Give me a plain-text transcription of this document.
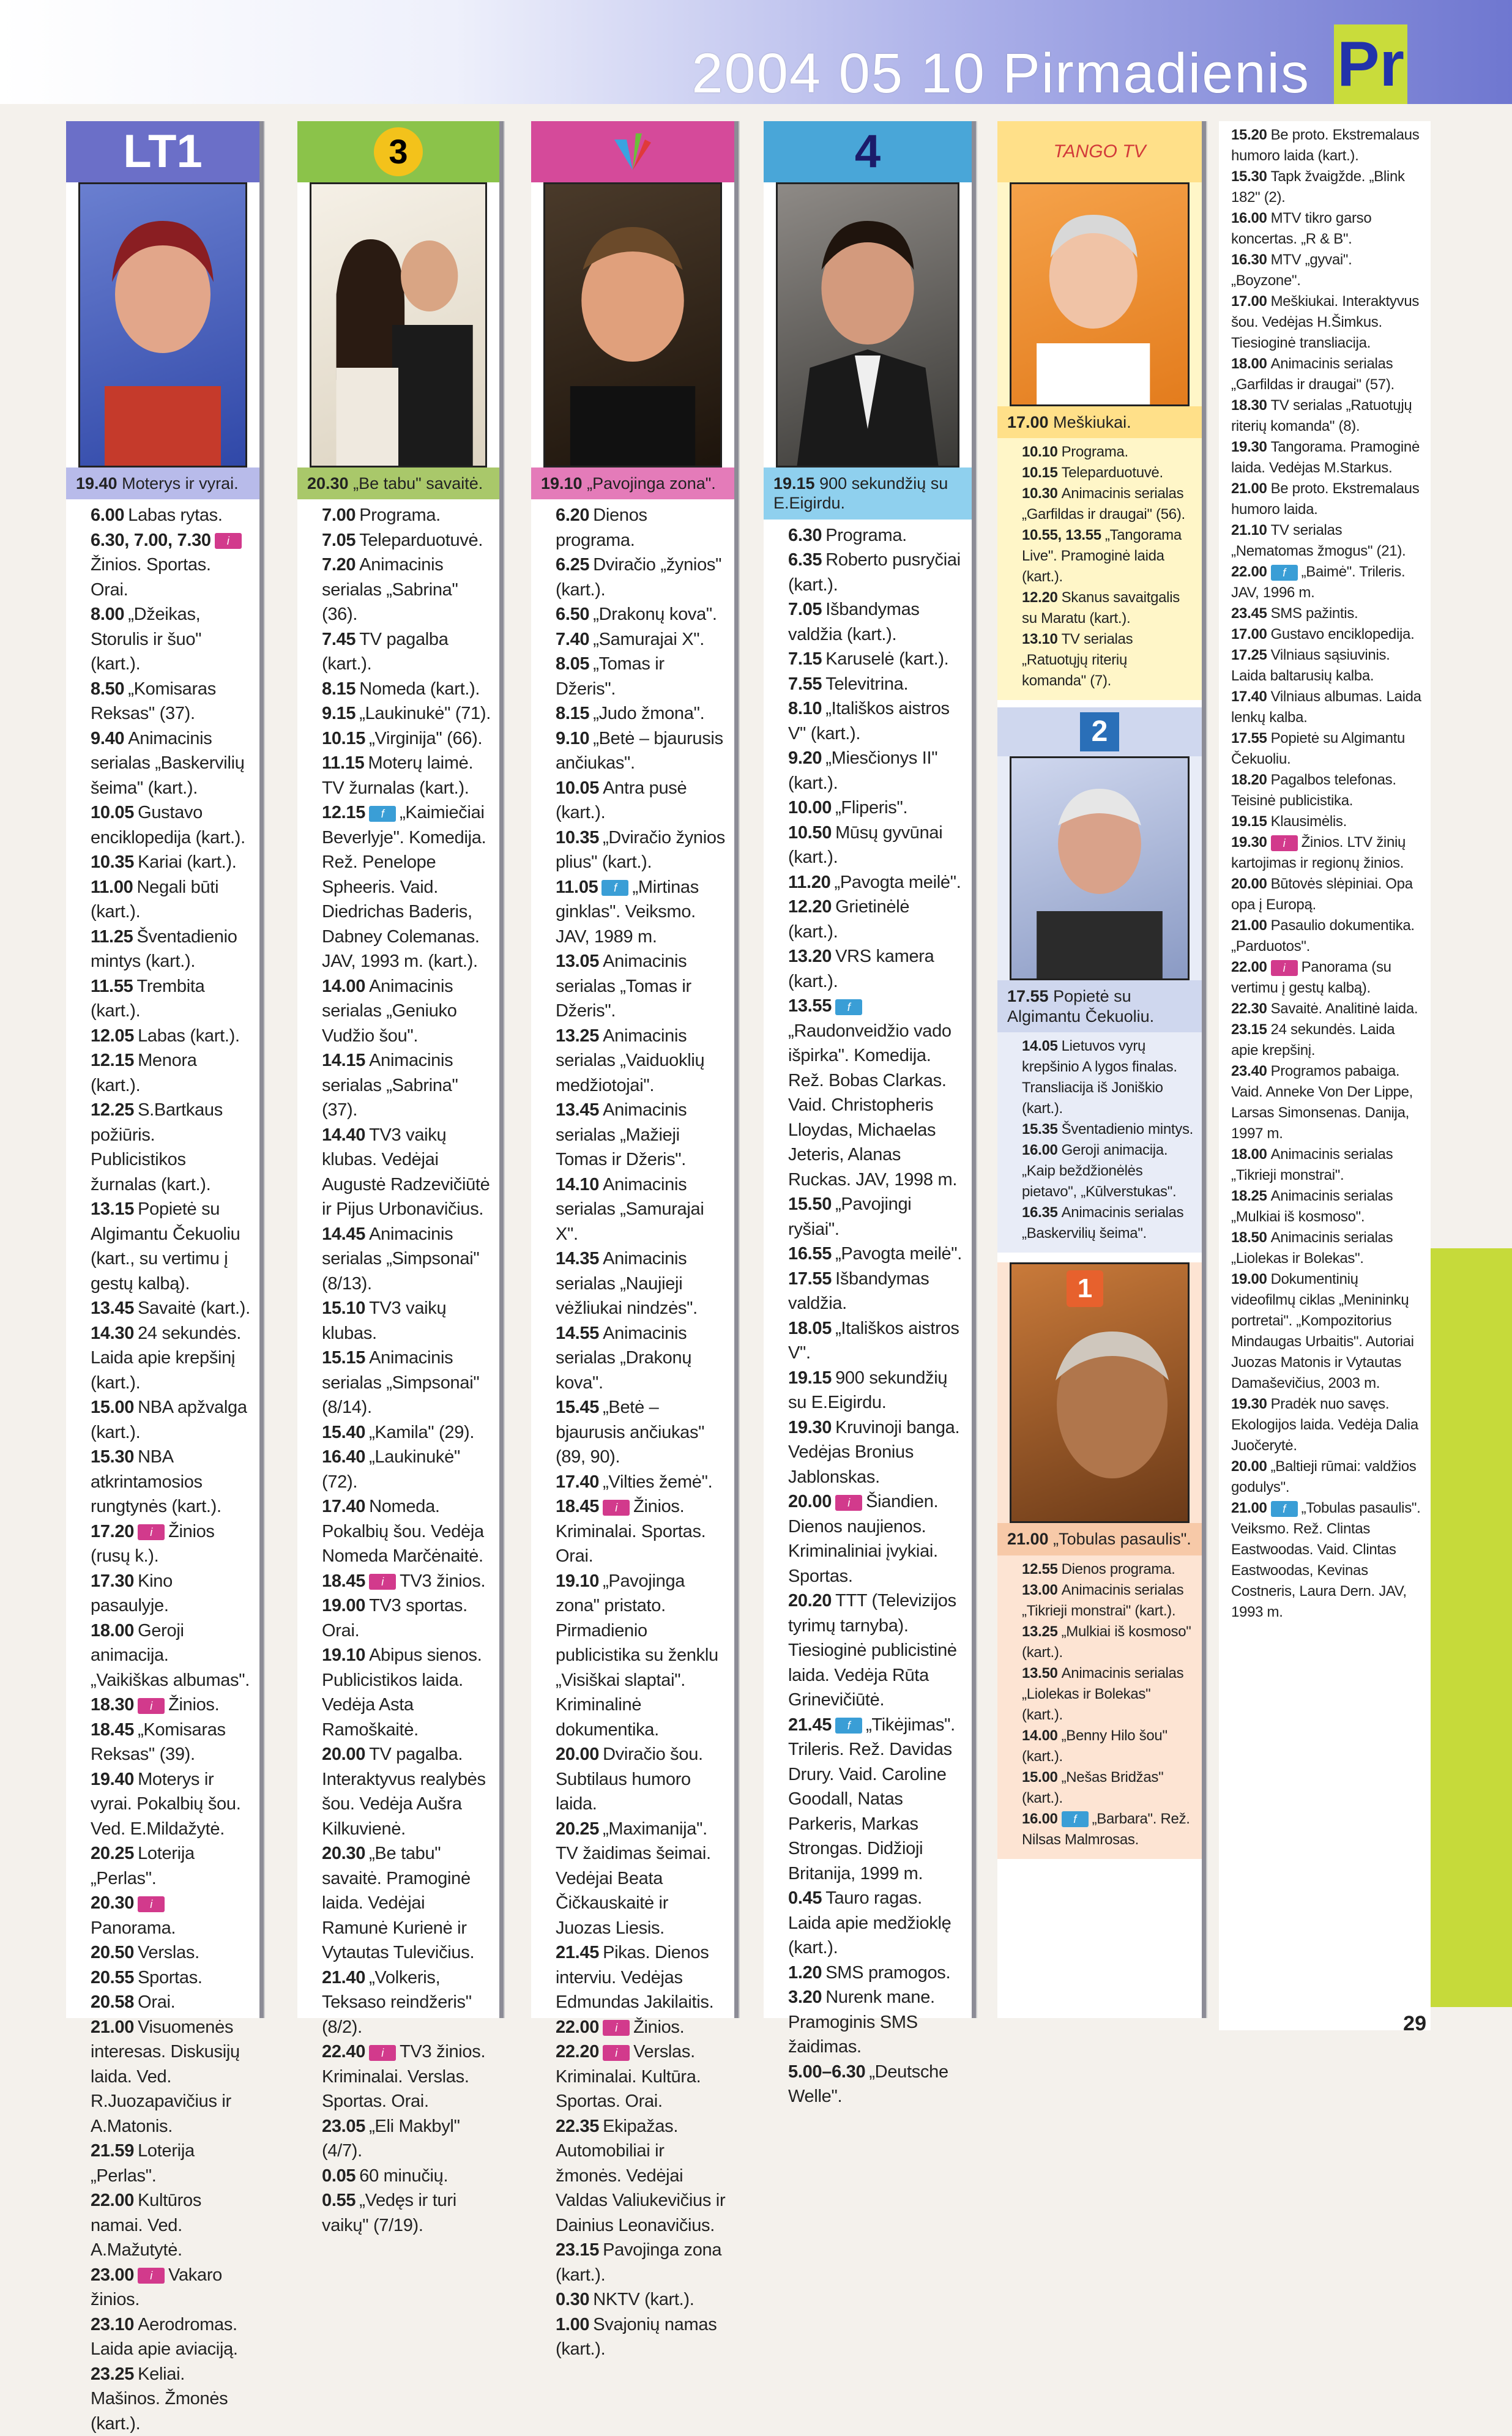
2004 05 10 Pirmadienis Pr
LT1
19.40 Moterys ir vyrai.
6.00 Labas rytas.
6.30, 7.00, 7.30 iŽinios. Sportas. Orai.
8.00 „Džeikas, Storulis ir šuo" (kart.).
8.50 „Komisaras Reksas" (37).
9.40 Animacinis serialas „Baskervilių šeima" (kart.).
10.05 Gustavo enciklopedija (kart.).
10.35 Kariai (kart.).
11.00 Negali būti (kart.).
11.25 Šventadienio mintys (kart.).
11.55 Trembita (kart.).
12.05 Labas (kart.).
12.15 Menora (kart.).
12.25 S.Bartkaus požiūris. Publicistikos žurnalas (kart.).
13.15 Popietė su Algimantu Čekuoliu (kart., su vertimu į gestų kalbą).
13.45 Savaitė (kart.).
14.30 24 sekundės. Laida apie krepšinį (kart.).
15.00 NBA apžvalga (kart.).
15.30 NBA atkrintamosios rungtynės (kart.).
17.20 i Žinios (rusų k.).
17.30 Kino pasaulyje.
18.00 Geroji animacija. „Vaikiškas albumas".
18.30 i Žinios.
18.45 „Komisaras Reksas" (39).
19.40 Moterys ir vyrai. Pokalbių šou. Ved. E.Mildažytė.
20.25 Loterija „Perlas".
20.30 iPanorama.
20.50 Verslas.
20.55 Sportas.
20.58 Orai.
21.00 Visuomenės interesas. Diskusijų laida. Ved. R.Juozapavičius ir A.Matonis.
21.59 Loterija „Perlas".
22.00 Kultūros namai. Ved. A.Mažutytė.
23.00 i Vakaro žinios.
23.10 Aerodromas. Laida apie aviaciją.
23.25 Keliai. Mašinos. Žmonės (kart.).
3
20.30 „Be tabu" savaitė.
7.00 Programa.
7.05 Teleparduotuvė.
7.20 Animacinis serialas „Sabrina" (36).
7.45 TV pagalba (kart.).
8.15 Nomeda (kart.).
9.15 „Laukinukė" (71).
10.15 „Virginija" (66).
11.15 Moterų laimė. TV žurnalas (kart.).
12.15 f „Kaimiečiai Beverlyje". Komedija. Rež. Penelope Spheeris. Vaid. Diedrichas Baderis, Dabney Colemanas. JAV, 1993 m. (kart.).
14.00 Animacinis serialas „Geniuko Vudžio šou".
14.15 Animacinis serialas „Sabrina" (37).
14.40 TV3 vaikų klubas. Vedėjai Augustė Radzevičiūtė ir Pijus Urbonavičius.
14.45 Animacinis serialas „Simpsonai" (8/13).
15.10 TV3 vaikų klubas.
15.15 Animacinis serialas „Simpsonai" (8/14).
15.40 „Kamila" (29).
16.40 „Laukinukė" (72).
17.40 Nomeda. Pokalbių šou. Vedėja Nomeda Marčėnaitė.
18.45 i TV3 žinios.
19.00 TV3 sportas. Orai.
19.10 Abipus sienos. Publicistikos laida. Vedėja Asta Ramoškaitė.
20.00 TV pagalba. Interaktyvus realybės šou. Vedėja Aušra Kilkuvienė.
20.30 „Be tabu" savaitė. Pramoginė laida. Vedėjai Ramunė Kurienė ir Vytautas Tulevičius.
21.40 „Volkeris, Teksaso reindžeris" (8/2).
22.40 i TV3 žinios. Kriminalai. Verslas. Sportas. Orai.
23.05 „Eli Makbyl" (4/7).
0.05 60 minučių.
0.55 „Vedęs ir turi vaikų" (7/19).
19.10 „Pavojinga zona".
6.20 Dienos programa.
6.25 Dviračio „žynios" (kart.).
6.50 „Drakonų kova".
7.40 „Samurajai X".
8.05 „Tomas ir Džeris".
8.15 „Judo žmona".
9.10 „Betė – bjaurusis ančiukas".
10.05 Antra pusė (kart.).
10.35 „Dviračio žynios plius" (kart.).
11.05 f „Mirtinas ginklas". Veiksmo. JAV, 1989 m.
13.05 Animacinis serialas „Tomas ir Džeris".
13.25 Animacinis serialas „Vaiduoklių medžiotojai".
13.45 Animacinis serialas „Mažieji Tomas ir Džeris".
14.10 Animacinis serialas „Samurajai X".
14.35 Animacinis serialas „Naujieji vėžliukai nindzės".
14.55 Animacinis serialas „Drakonų kova".
15.45 „Betė – bjaurusis ančiukas" (89, 90).
17.40 „Vilties žemė".
18.45 i Žinios. Kriminalai. Sportas. Orai.
19.10 „Pavojinga zona" pristato. Pirmadienio publicistika su ženklu „Visiškai slaptai". Kriminalinė dokumentika.
20.00 Dviračio šou. Subtilaus humoro laida.
20.25 „Maximanija". TV žaidimas šeimai. Vedėjai Beata Čičkauskaitė ir Juozas Liesis.
21.45 Pikas. Dienos interviu. Vedėjas Edmundas Jakilaitis.
22.00 i Žinios.
22.20 i Verslas. Kriminalai. Kultūra. Sportas. Orai.
22.35 Ekipažas. Automobiliai ir žmonės. Vedėjai Valdas Valiukevičius ir Dainius Leonavičius.
23.15 Pavojinga zona (kart.).
0.30 NKTV (kart.).
1.00 Svajonių namas (kart.).
4
19.15 900 sekundžių su E.Eigirdu.
6.30 Programa.
6.35 Roberto pusryčiai (kart.).
7.05 Išbandymas valdžia (kart.).
7.15 Karuselė (kart.).
7.55 Televitrina.
8.10 „Itališkos aistros V" (kart.).
9.20 „Miesčionys II" (kart.).
10.00 „Fliperis".
10.50 Mūsų gyvūnai (kart.).
11.20 „Pavogta meilė".
12.20 Grietinėlė (kart.).
13.20 VRS kamera (kart.).
13.55 f„Raudonveidžio vado išpirka". Komedija. Rež. Bobas Clarkas. Vaid. Christopheris Lloydas, Michaelas Jeteris, Alanas Ruckas. JAV, 1998 m.
15.50 „Pavojingi ryšiai".
16.55 „Pavogta meilė".
17.55 Išbandymas valdžia.
18.05 „Itališkos aistros V".
19.15 900 sekundžių su E.Eigirdu.
19.30 Kruvinoji banga. Vedėjas Bronius Jablonskas.
20.00 i Šiandien. Dienos naujienos. Kriminaliniai įvykiai. Sportas.
20.20 TTT (Televizijos tyrimų tarnyba). Tiesioginė publicistinė laida. Vedėja Rūta Grinevičiūtė.
21.45 f „Tikėjimas". Trileris. Rež. Davidas Drury. Vaid. Caroline Goodall, Natas Parkeris, Markas Strongas. Didžioji Britanija, 1999 m.
0.45 Tauro ragas. Laida apie medžioklę (kart.).
1.20 SMS pramogos.
3.20 Nurenk mane. Pramoginis SMS žaidimas.
5.00–6.30 „Deutsche Welle".
TANGO TV
17.00 Meškiukai.
10.10 Programa.
10.15 Teleparduotuvė.
10.30 Animacinis serialas „Garfildas ir draugai" (56).
10.55, 13.55 „Tangorama Live". Pramoginė laida (kart.).
12.20 Skanus savaitgalis su Maratu (kart.).
13.10 TV serialas „Ratuotųjų riterių komanda" (7).
2
17.55 Popietė su Algimantu Čekuoliu.
14.05 Lietuvos vyrų krepšinio A lygos finalas. Transliacija iš Joniškio (kart.).
15.35 Šventadienio mintys.
16.00 Geroji animacija. „Kaip beždžionėlės pietavo", „Kūlverstukas".
16.35 Animacinis serialas „Baskervilių šeima".
1
21.00 „Tobulas pasaulis".
12.55 Dienos programa.
13.00 Animacinis serialas „Tikrieji monstrai" (kart.).
13.25 „Mulkiai iš kosmoso" (kart.).
13.50 Animacinis serialas „Liolekas ir Bolekas" (kart.).
14.00 „Benny Hilo šou" (kart.).
15.00 „Nešas Bridžas" (kart.).
16.00 f „Barbara". Rež. Nilsas Malmrosas.
15.20 Be proto. Ekstremalaus humoro laida (kart.).
15.30 Tapk žvaigžde. „Blink 182" (2).
16.00 MTV tikro garso koncertas. „R & B".
16.30 MTV „gyvai". „Boyzone".
17.00 Meškiukai. Interaktyvus šou. Vedėjas H.Šimkus. Tiesioginė transliacija.
18.00 Animacinis serialas „Garfildas ir draugai" (57).
18.30 TV serialas „Ratuotųjų riterių komanda" (8).
19.30 Tangorama. Pramoginė laida. Vedėjas M.Starkus.
21.00 Be proto. Ekstremalaus humoro laida.
21.10 TV serialas „Nematomas žmogus" (21).
22.00 f „Baimė". Trileris. JAV, 1996 m.
23.45 SMS pažintis.
17.00 Gustavo enciklopedija.
17.25 Vilniaus sąsiuvinis. Laida baltarusių kalba.
17.40 Vilniaus albumas. Laida lenkų kalba.
17.55 Popietė su Algimantu Čekuoliu.
18.20 Pagalbos telefonas. Teisinė publicistika.
19.15 Klausimėlis.
19.30 i Žinios. LTV žinių kartojimas ir regionų žinios.
20.00 Būtovės slėpiniai. Opa opa į Europą.
21.00 Pasaulio dokumentika. „Parduotos".
22.00 i Panorama (su vertimu į gestų kalbą).
22.30 Savaitė. Analitinė laida.
23.15 24 sekundės. Laida apie krepšinį.
23.40 Programos pabaiga.
Vaid. Anneke Von Der Lippe, Larsas Simonsenas. Danija, 1997 m.
18.00 Animacinis serialas „Tikrieji monstrai".
18.25 Animacinis serialas „Mulkiai iš kosmoso".
18.50 Animacinis serialas „Liolekas ir Bolekas".
19.00 Dokumentinių videofilmų ciklas „Menininkų portretai". „Kompozitorius Mindaugas Urbaitis". Autoriai Juozas Matonis ir Vytautas Damaševičius, 2003 m.
19.30 Pradėk nuo savęs. Ekologijos laida. Vedėja Dalia Juočerytė.
20.00 „Baltieji rūmai: valdžios godulys".
21.00 f „Tobulas pasaulis". Veiksmo. Rež. Clintas Eastwoodas. Vaid. Clintas Eastwoodas, Kevinas Costneris, Laura Dern. JAV, 1993 m.
29
